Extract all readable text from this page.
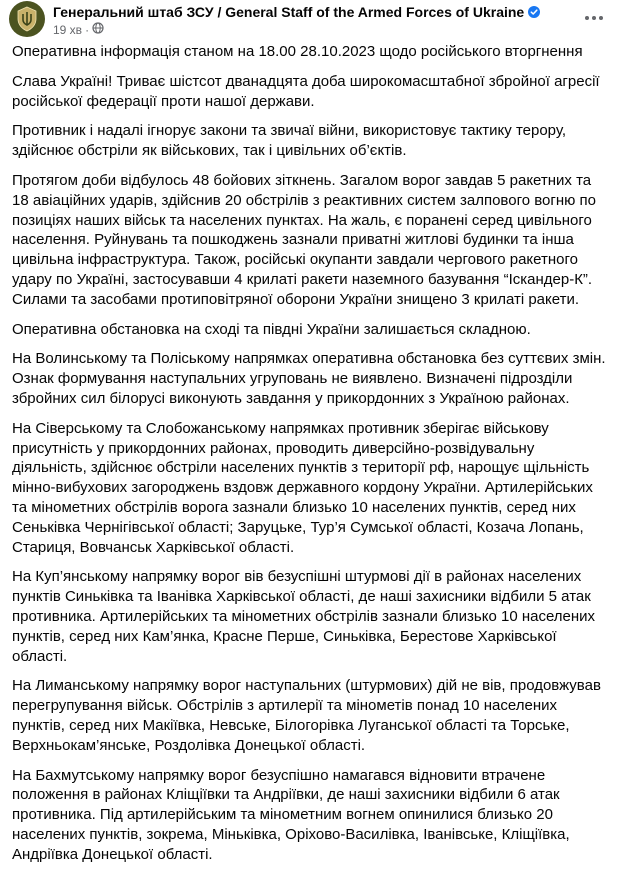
Генеральний штаб ЗСУ / General Staff of the Armed Forces of Ukraine
19 хв ·

Оперативна інформація станом на 18.00 28.10.2023 щодо російського вторгнення

Слава Україні! Триває шістсот дванадцята доба широкомасштабної збройної агресії російської федерації проти нашої держави.

Противник і надалі ігнорує закони та звичаї війни, використовує тактику терору, здійснює обстріли як військових, так і цивільних об’єктів.

Протягом доби відбулось 48 бойових зіткнень. Загалом ворог завдав 5 ракетних та 18 авіаційних ударів, здійснив 20 обстрілів з реактивних систем залпового вогню по позиціях наших військ та населених пунктах. На жаль, є поранені серед цивільного населення. Руйнувань та пошкоджень зазнали приватні житлові будинки та інша цивільна інфраструктура. Також, російські окупанти завдали чергового ракетного удару по Україні, застосувавши 4 крилаті ракети наземного базування “Іскандер-К”. Силами та засобами протиповітряної оборони України знищено 3 крилаті ракети.

Оперативна обстановка на сході та півдні України залишається складною.

На Волинському та Поліському напрямках оперативна обстановка без суттєвих змін. Ознак формування наступальних угруповань не виявлено. Визначені підрозділи збройних сил білорусі виконують завдання у прикордонних з Україною районах.

На Сіверському та Слобожанському напрямках противник зберігає військову присутність у прикордонних районах, проводить диверсійно-розвідувальну діяльність, здійснює обстріли населених пунктів з території рф, нарощує щільність мінно-вибухових загороджень вздовж державного кордону України. Артилерійських та мінометних обстрілів ворога зазнали близько 10 населених пунктів, серед них Сеньківка Чернігівської області; Заруцьке, Тур’я Сумської області, Козача Лопань, Стариця, Вовчанськ Харківської області.

На Куп’янському напрямку ворог вів безуспішні штурмові дії в районах населених пунктів Синьківка та Іванівка Харківської області, де наші захисники відбили 5 атак противника. Артилерійських та мінометних обстрілів зазнали близько 10 населених пунктів, серед них Кам’янка, Красне Перше, Синьківка, Берестове Харківської області.

На Лиманському напрямку ворог наступальних (штурмових) дій не вів, продовжував перегрупування військ. Обстрілів з артилерії та мінометів понад 10 населених пунктів, серед них Макіївка, Невське, Білогорівка Луганської області та Торське, Верхньокам’янське, Роздолівка Донецької області.

На Бахмутському напрямку ворог безуспішно намагався відновити втрачене положення в районах Кліщіївки та Андріївки, де наші захисники відбили 6 атак противника. Під артилерійським та мінометним вогнем опинилися близько 20 населених пунктів, зокрема, Міньківка, Оріхово-Василівка, Іванівське, Кліщіївка, Андріївка Донецької області.
